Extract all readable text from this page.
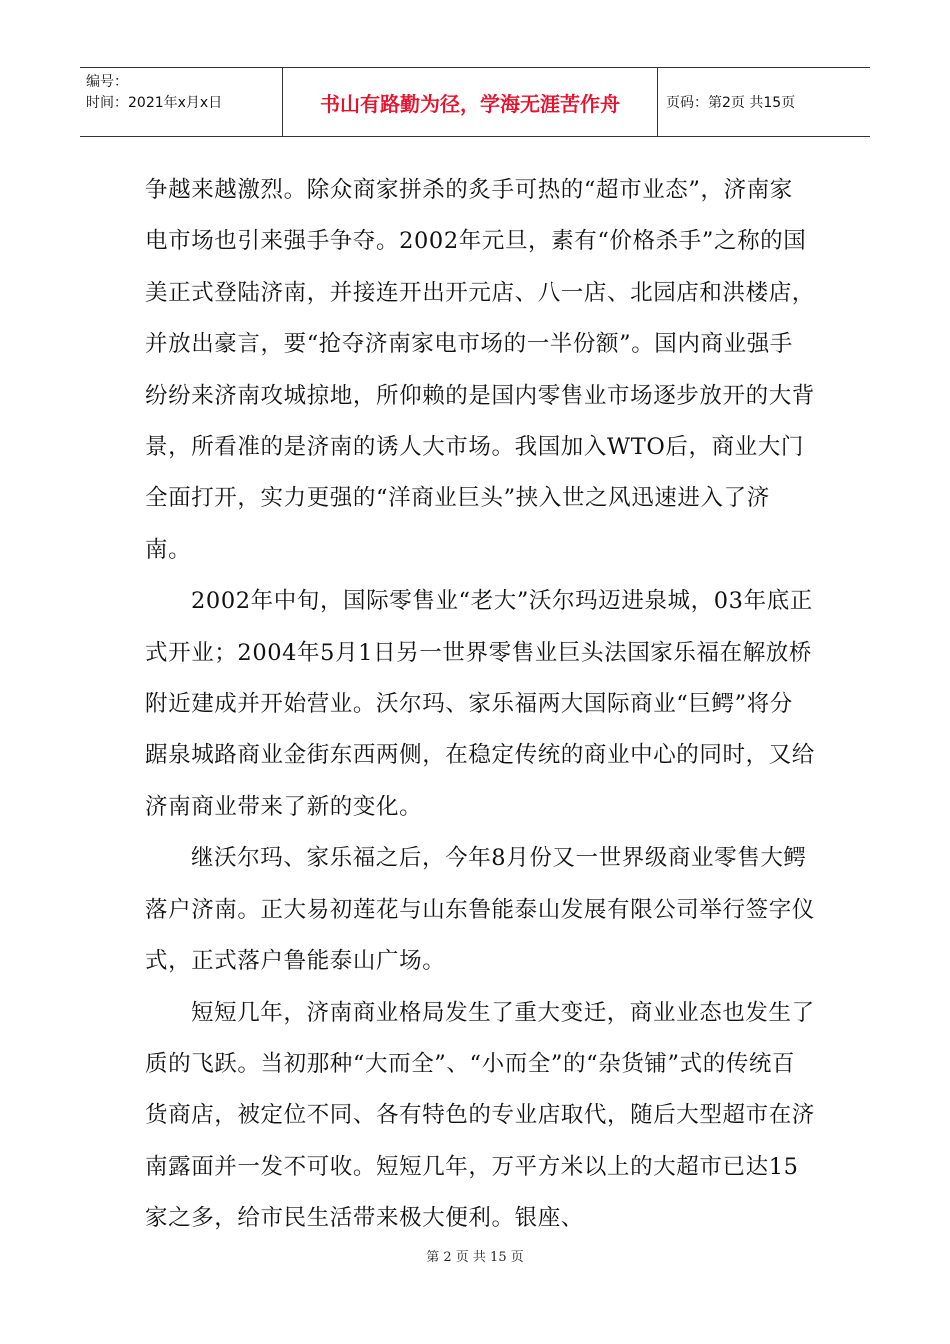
编号：
时间：2021年x月x日	书山有路勤为径，学海无涯苦作舟	页码：第2页 共15页

争越来越激烈。除众商家拼杀的炙手可热的“超市业态”，济南家电市场也引来强手争夺。2002年元旦，素有“价格杀手”之称的国美正式登陆济南，并接连开出开元店、八一店、北园店和洪楼店，并放出豪言，要“抢夺济南家电市场的一半份额”。国内商业强手纷纷来济南攻城掠地，所仰赖的是国内零售业市场逐步放开的大背景，所看准的是济南的诱人大市场。我国加入WTO后，商业大门全面打开，实力更强的“洋商业巨头”挟入世之风迅速进入了济南。

2002年中旬，国际零售业“老大”沃尔玛迈进泉城，03年底正式开业；2004年5月1日另一世界零售业巨头法国家乐福在解放桥附近建成并开始营业。沃尔玛、家乐福两大国际商业“巨鳄”将分踞泉城路商业金街东西两侧，在稳定传统的商业中心的同时，又给济南商业带来了新的变化。

继沃尔玛、家乐福之后，今年8月份又一世界级商业零售大鳄落户济南。正大易初莲花与山东鲁能泰山发展有限公司举行签字仪式，正式落户鲁能泰山广场。

短短几年，济南商业格局发生了重大变迁，商业业态也发生了质的飞跃。当初那种“大而全”、“小而全”的“杂货铺”式的传统百货商店，被定位不同、各有特色的专业店取代，随后大型超市在济南露面并一发不可收。短短几年，万平方米以上的大超市已达15家之多，给市民生活带来极大便利。银座、

第 2 页 共 15 页
